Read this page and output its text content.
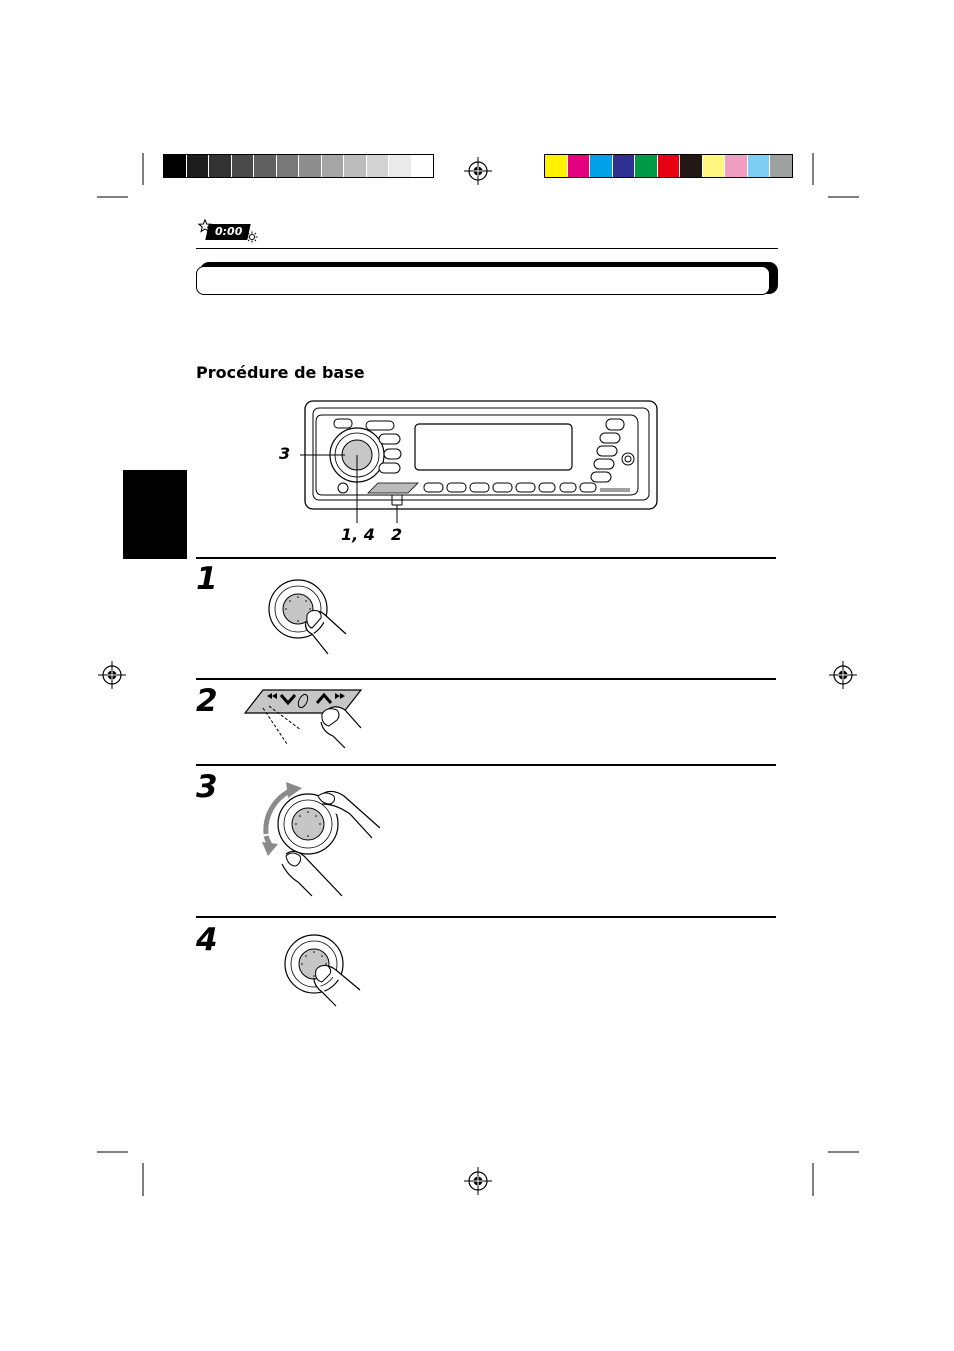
0:00
Procédure de base
3
1, 4 2
1
2
3
4
